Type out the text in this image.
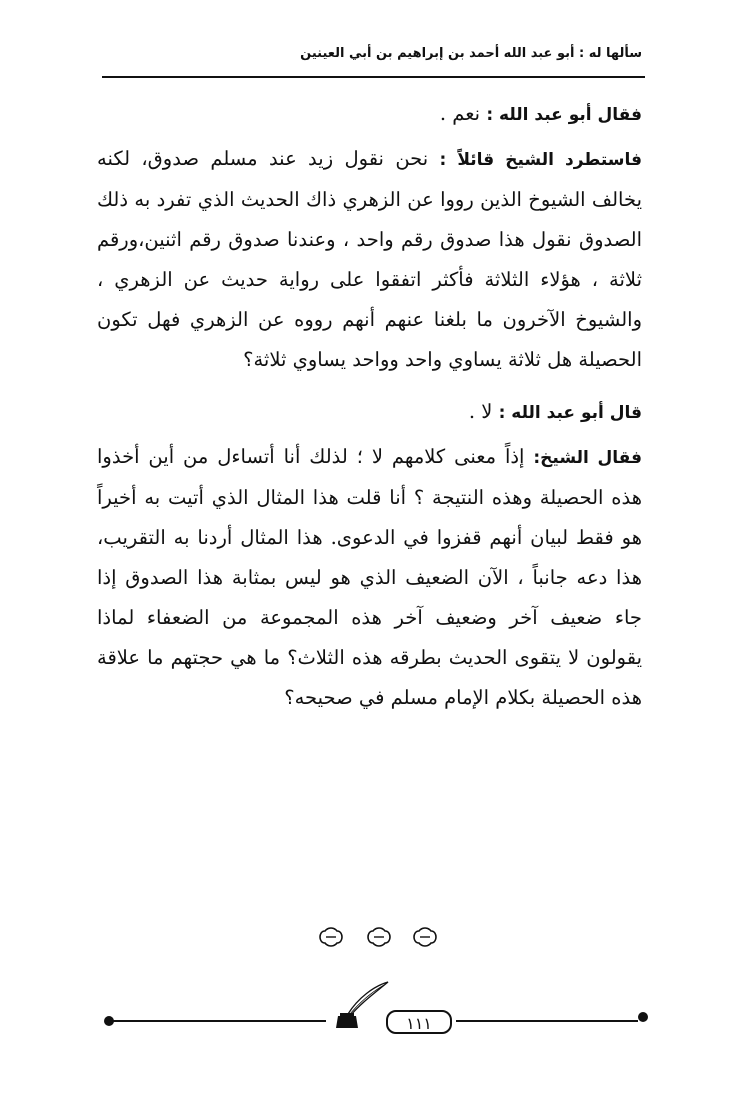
سألها له : أبو عبد الله أحمد بن إبراهيم بن أبي العينين

فقال أبو عبد الله : نعم .

فاستطرد الشيخ قائلاً : نحن نقول زيد عند مسلم صدوق، لكنه يخالف الشيوخ الذين رووا عن الزهري ذاك الحديث الذي تفرد به ذلك الصدوق نقول هذا صدوق رقم واحد ، وعندنا صدوق رقم اثنين،ورقم ثلاثة ، هؤلاء الثلاثة فأكثر اتفقوا على رواية حديث عن الزهري ، والشيوخ الآخرون ما بلغنا عنهم أنهم رووه عن الزهري فهل تكون الحصيلة هل ثلاثة يساوي واحد وواحد يساوي ثلاثة؟

قال أبو عبد الله : لا .

فقال الشيخ: إذاً معنى كلامهم لا ؛ لذلك أنا أتساءل من أين أخذوا هذه الحصيلة وهذه النتيجة ؟ أنا قلت هذا المثال الذي أتيت به أخيراً هو فقط لبيان أنهم قفزوا في الدعوى. هذا المثال أردنا به التقريب، هذا دعه جانباً ، الآن الضعيف الذي هو ليس بمثابة هذا الصدوق إذا جاء ضعيف آخر وضعيف آخر هذه المجموعة من الضعفاء لماذا يقولون لا يتقوى الحديث بطرقه هذه الثلاث؟ ما هي حجتهم ما علاقة هذه الحصيلة بكلام الإمام مسلم في صحيحه؟

١١١
